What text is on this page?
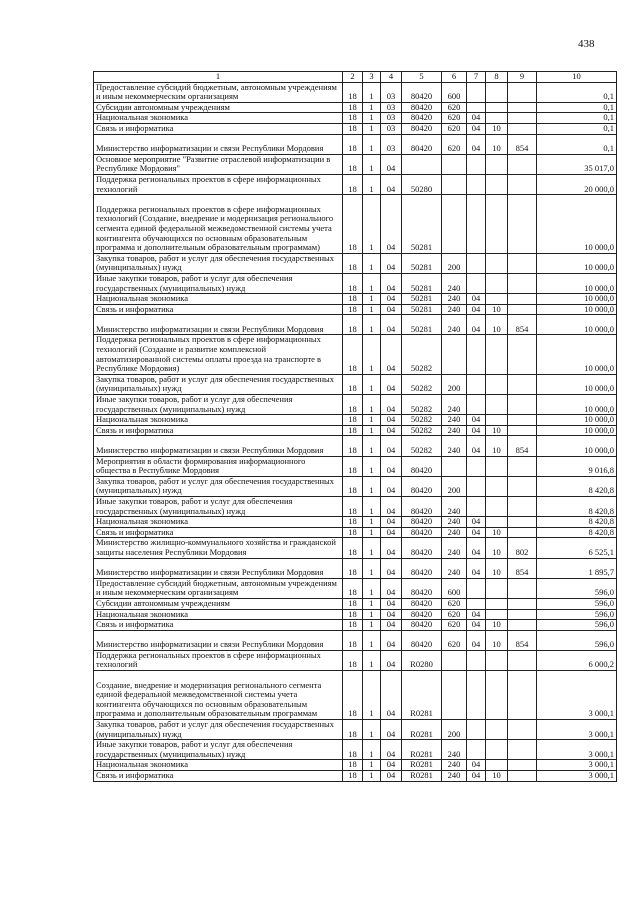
438
1	2	3	4	5	6	7	8	9	10
Предоставление субсидий бюджетным, автономным учреждениям и иным некоммерческим организациям	18	1	03	80420	600				0,1
Субсидии автономным учреждениям	18	1	03	80420	620				0,1
Национальная экономика	18	1	03	80420	620	04			0,1
Связь и информатика	18	1	03	80420	620	04	10		0,1
Министерство информатизации и связи Республики Мордовия	18	1	03	80420	620	04	10	854	0,1
Основное мероприятие "Развитие отраслевой информатизации в Республике Мордовия"	18	1	04						35 017,0
Поддержка региональных проектов в сфере информационных технологий	18	1	04	50280					20 000,0
Поддержка региональных проектов в сфере информационных технологий (Создание, внедрение и модернизация регионального сегмента единой федеральной межведомственной системы учета контингента обучающихся по основным образовательным программа и дополнительным образовательным программам)	18	1	04	50281					10 000,0
Закупка товаров, работ и услуг для обеспечения государственных (муниципальных) нужд	18	1	04	50281	200				10 000,0
Иные закупки товаров, работ и услуг для обеспечения государственных (муниципальных) нужд	18	1	04	50281	240				10 000,0
Национальная экономика	18	1	04	50281	240	04			10 000,0
Связь и информатика	18	1	04	50281	240	04	10		10 000,0
Министерство информатизации и связи Республики Мордовия	18	1	04	50281	240	04	10	854	10 000,0
Поддержка региональных проектов в сфере информационных технологий (Создание и развитие комплексной автоматизированной системы оплаты проезда на транспорте в Республике Мордовия)	18	1	04	50282					10 000,0
Закупка товаров, работ и услуг для обеспечения государственных (муниципальных) нужд	18	1	04	50282	200				10 000,0
Иные закупки товаров, работ и услуг для обеспечения государственных (муниципальных) нужд	18	1	04	50282	240				10 000,0
Национальная экономика	18	1	04	50282	240	04			10 000,0
Связь и информатика	18	1	04	50282	240	04	10		10 000,0
Министерство информатизации и связи Республики Мордовия	18	1	04	50282	240	04	10	854	10 000,0
Мероприятия в области формирования информационного общества в Республике Мордовия	18	1	04	80420					9 016,8
Закупка товаров, работ и услуг для обеспечения государственных (муниципальных) нужд	18	1	04	80420	200				8 420,8
Иные закупки товаров, работ и услуг для обеспечения государственных (муниципальных) нужд	18	1	04	80420	240				8 420,8
Национальная экономика	18	1	04	80420	240	04			8 420,8
Связь и информатика	18	1	04	80420	240	04	10		8 420,8
Министерство жилищно-коммунального хозяйства и гражданской защиты населения Республики Мордовия	18	1	04	80420	240	04	10	802	6 525,1
Министерство информатизации и связи Республики Мордовия	18	1	04	80420	240	04	10	854	1 895,7
Предоставление субсидий бюджетным, автономным учреждениям и иным некоммерческим организациям	18	1	04	80420	600				596,0
Субсидии автономным учреждениям	18	1	04	80420	620				596,0
Национальная экономика	18	1	04	80420	620	04			596,0
Связь и информатика	18	1	04	80420	620	04	10		596,0
Министерство информатизации и связи Республики Мордовия	18	1	04	80420	620	04	10	854	596,0
Поддержка региональных проектов в сфере информационных технологий	18	1	04	R0280					6 000,2
Создание, внедрение и модернизация регионального сегмента единой федеральной межведомственной системы учета контингента обучающихся по основным образовательным программа и дополнительным образовательным программам	18	1	04	R0281					3 000,1
Закупка товаров, работ и услуг для обеспечения государственных (муниципальных) нужд	18	1	04	R0281	200				3 000,1
Иные закупки товаров, работ и услуг для обеспечения государственных (муниципальных) нужд	18	1	04	R0281	240				3 000,1
Национальная экономика	18	1	04	R0281	240	04			3 000,1
Связь и информатика	18	1	04	R0281	240	04	10		3 000,1
